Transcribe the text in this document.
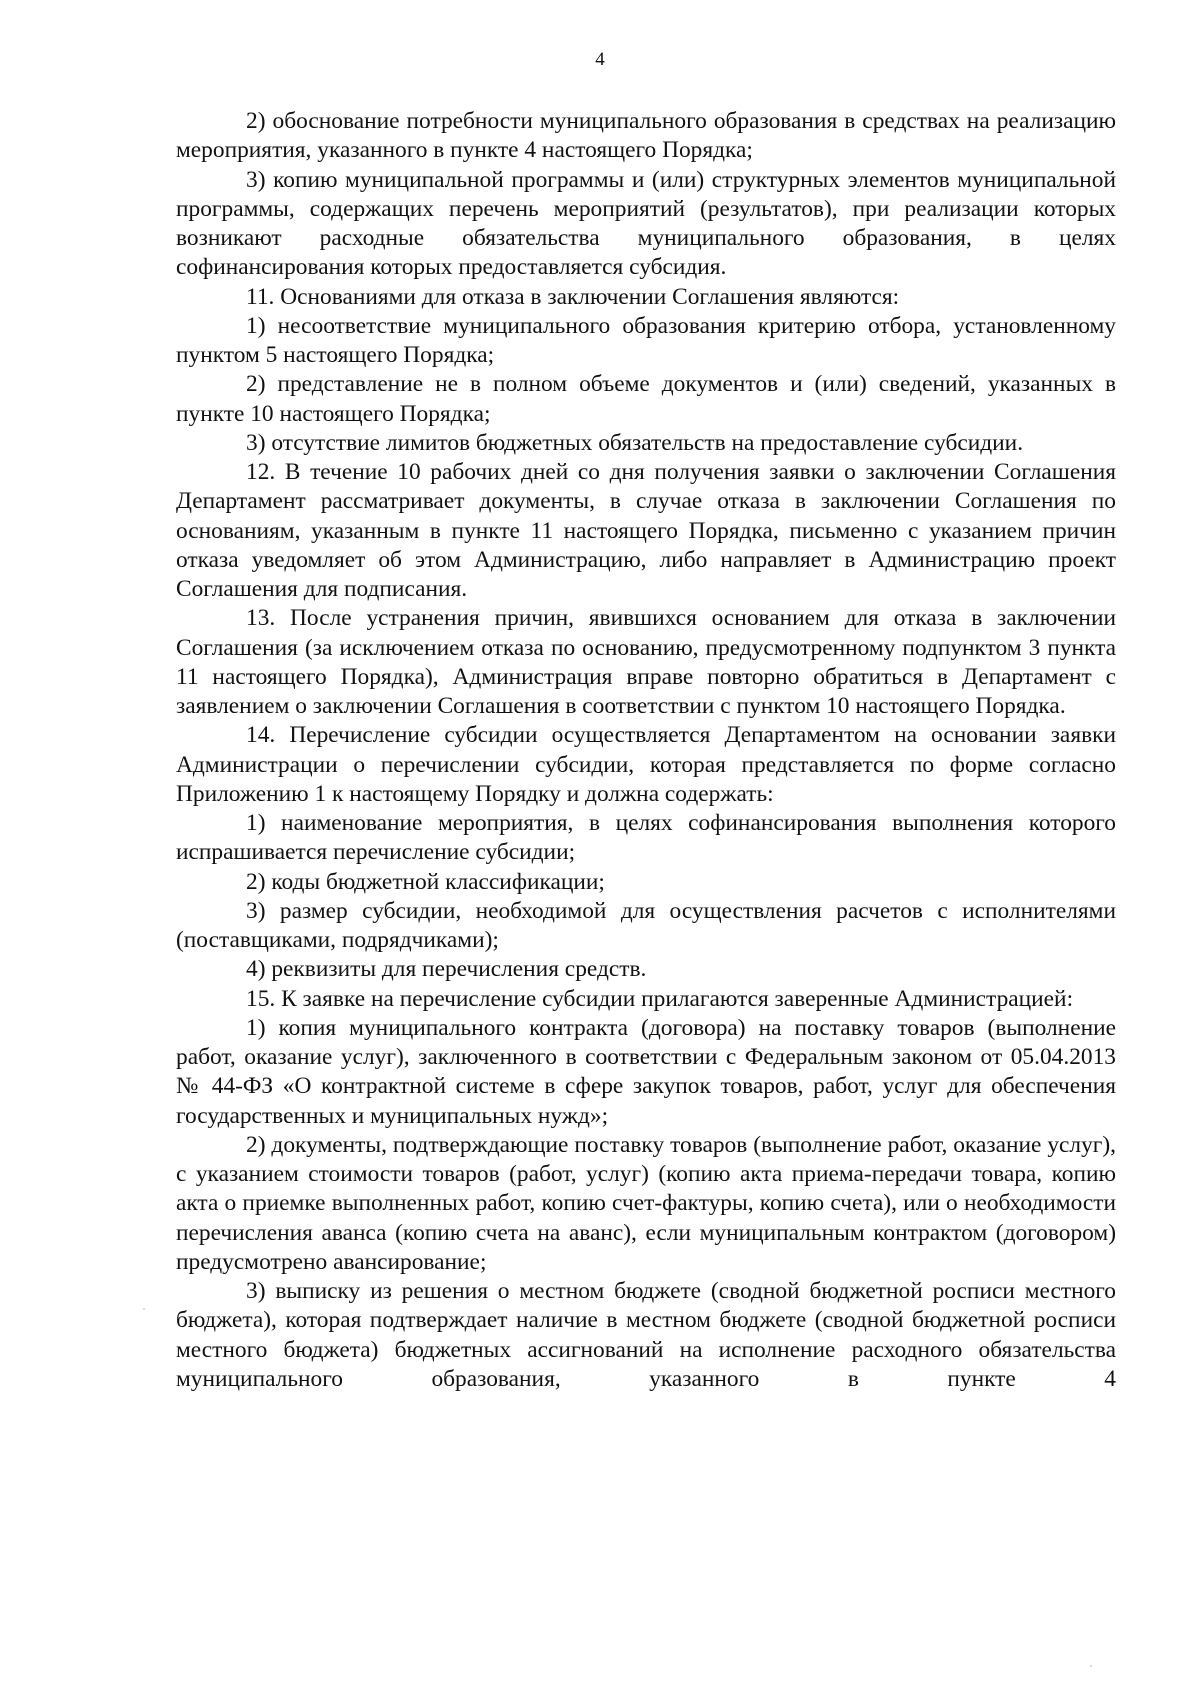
4

2) обоснование потребности муниципального образования в средствах на реализацию мероприятия, указанного в пункте 4 настоящего Порядка;

3) копию муниципальной программы и (или) структурных элементов муниципальной программы, содержащих перечень мероприятий (результатов), при реализации которых возникают расходные обязательства муниципального образования, в целях софинансирования которых предоставляется субсидия.

11. Основаниями для отказа в заключении Соглашения являются:

1) несоответствие муниципального образования критерию отбора, установленному пунктом 5 настоящего Порядка;

2) представление не в полном объеме документов и (или) сведений, указанных в пункте 10 настоящего Порядка;

3) отсутствие лимитов бюджетных обязательств на предоставление субсидии.

12. В течение 10 рабочих дней со дня получения заявки о заключении Соглашения Департамент рассматривает документы, в случае отказа в заключении Соглашения по основаниям, указанным в пункте 11 настоящего Порядка, письменно с указанием причин отказа уведомляет об этом Администрацию, либо направляет в Администрацию проект Соглашения для подписания.

13. После устранения причин, явившихся основанием для отказа в заключении Соглашения (за исключением отказа по основанию, предусмотренному подпунктом 3 пункта 11 настоящего Порядка), Администрация вправе повторно обратиться в Департамент с заявлением о заключении Соглашения в соответствии с пунктом 10 настоящего Порядка.

14. Перечисление субсидии осуществляется Департаментом на основании заявки Администрации о перечислении субсидии, которая представляется по форме согласно Приложению 1 к настоящему Порядку и должна содержать:

1) наименование мероприятия, в целях софинансирования выполнения которого испрашивается перечисление субсидии;

2) коды бюджетной классификации;

3) размер субсидии, необходимой для осуществления расчетов с исполнителями (поставщиками, подрядчиками);

4) реквизиты для перечисления средств.

15. К заявке на перечисление субсидии прилагаются заверенные Администрацией:

1) копия муниципального контракта (договора) на поставку товаров (выполнение работ, оказание услуг), заключенного в соответствии с Федеральным законом от 05.04.2013 № 44-ФЗ «О контрактной системе в сфере закупок товаров, работ, услуг для обеспечения государственных и муниципальных нужд»;

2) документы, подтверждающие поставку товаров (выполнение работ, оказание услуг), с указанием стоимости товаров (работ, услуг) (копию акта приема-передачи товара, копию акта о приемке выполненных работ, копию счет-фактуры, копию счета), или о необходимости перечисления аванса (копию счета на аванс), если муниципальным контрактом (договором) предусмотрено авансирование;

3) выписку из решения о местном бюджете (сводной бюджетной росписи местного бюджета), которая подтверждает наличие в местном бюджете (сводной бюджетной росписи местного бюджета) бюджетных ассигнований на исполнение расходного обязательства муниципального образования, указанного в пункте 4
